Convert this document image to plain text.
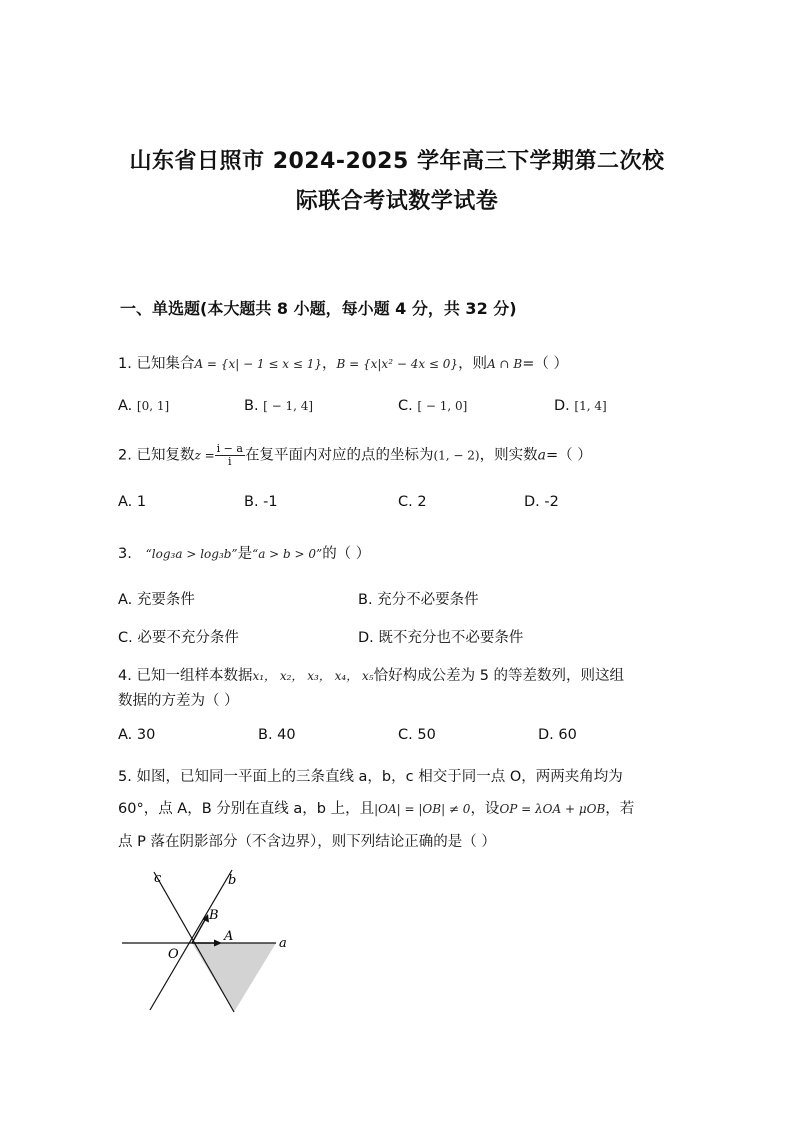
山东省日照市 2024-2025 学年高三下学期第二次校
际联合考试数学试卷
一、单选题(本大题共 8 小题，每小题 4 分，共 32 分)
1. 已知集合A = {x| − 1 ≤ x ≤ 1}，B = {x|x² − 4x ≤ 0}，则A ∩ B=（ ）
A. [0, 1]	B. [ − 1, 4]	C. [ − 1, 0]	D. [1, 4]
2. 已知复数$z = \frac{i - a}{i}$ 在复平面内对应的点的坐标为(1, − 2)，则实数a=（ ）
A. 1	B. -1	C. 2	D. -2
3. “log₃a > log₃b”是“a > b > 0”的（ ）
A. 充要条件	B. 充分不必要条件
C. 必要不充分条件	D. 既不充分也不必要条件
4. 已知一组样本数据x₁， x₂， x₃， x₄， x₅恰好构成公差为 5 的等差数列，则这组
数据的方差为（ ）
A. 30	B. 40	C. 50	D. 60
5. 如图，已知同一平面上的三条直线 a，b，c 相交于同一点 O，两两夹角均为
60°，点 A，B 分别在直线 a，b 上，且|OA| = |OB| ≠ 0，设OP = λOA + μOB，若
点 P 落在阴影部分（不含边界），则下列结论正确的是（ ）
c	b
B
A
O
a
